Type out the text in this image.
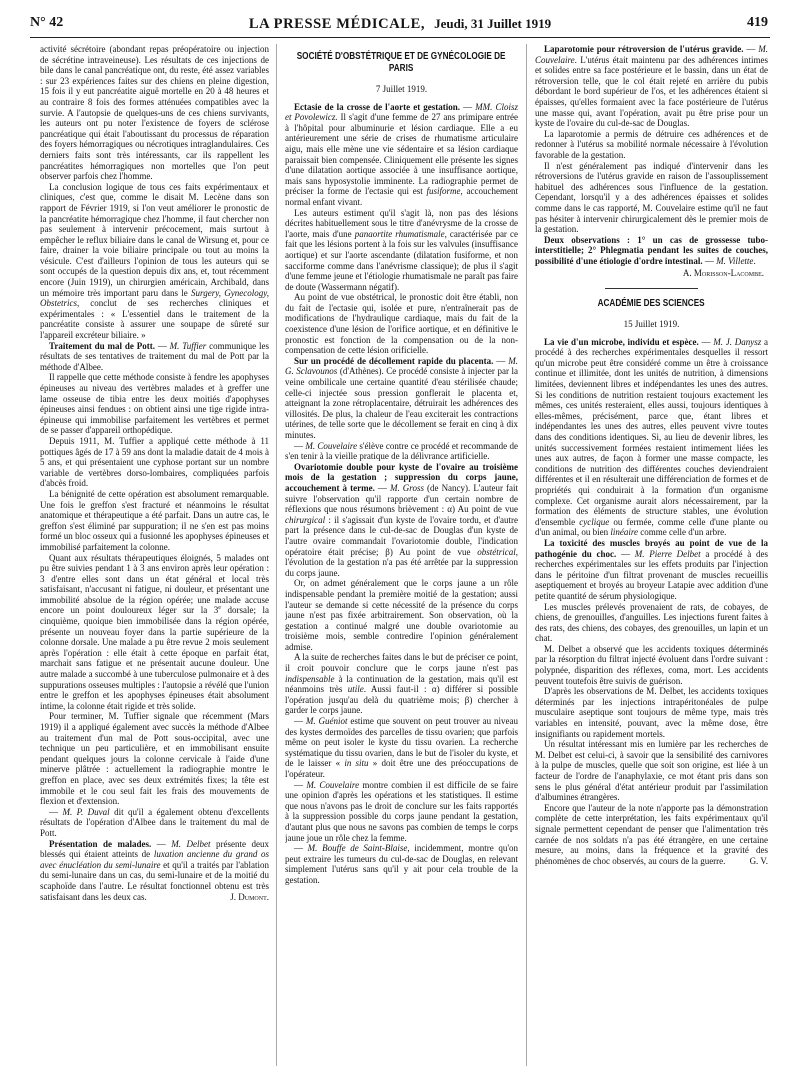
N° 42	LA PRESSE MÉDICALE, Jeudi, 31 Juillet 1919	419

activité sécrétoire (abondant repas préopératoire ou injection de sécrétine intraveineuse). Les résultats de ces injections de bile dans le canal pancréatique ont, du reste, été assez variables : sur 23 expériences faites sur des chiens en pleine digestion, 15 fois il y eut pancréatite aiguë mortelle en 20 à 48 heures et au contraire 8 fois des formes atténuées compatibles avec la survie. A l'autopsie de quelques-uns de ces chiens survivants, les auteurs ont pu noter l'existence de foyers de sclérose pancréatique qui était l'aboutissant du processus de réparation des foyers hémorragiques ou nécrotiques intraglandulaires. Ces derniers faits sont très intéressants, car ils rappellent les pancréatites hémorragiques non mortelles que l'on peut observer parfois chez l'homme.

La conclusion logique de tous ces faits expérimentaux et cliniques, c'est que, comme le disait M. Lecène dans son rapport de Février 1919, si l'on veut améliorer le pronostic de la pancréatite hémorragique chez l'homme, il faut chercher non pas seulement à intervenir précocement, mais surtout à empêcher le reflux biliaire dans le canal de Wirsung et, pour ce faire, drainer la voie biliaire principale ou tout au moins la vésicule. C'est d'ailleurs l'opinion de tous les auteurs qui se sont occupés de la question depuis dix ans, et, tout récemment encore (Juin 1919), un chirurgien américain, Archibald, dans un mémoire très important paru dans le Surgery, Gynecology, Obstetrics, conclut de ses recherches cliniques et expérimentales : « L'essentiel dans le traitement de la pancréatite consiste à assurer une soupape de sûreté sur l'appareil excréteur biliaire. »

Traitement du mal de Pott. — M. Tuffier communique les résultats de ses tentatives de traitement du mal de Pott par la méthode d'Albee.

Il rappelle que cette méthode consiste à fendre les apophyses épineuses au niveau des vertèbres malades et à greffer une lame osseuse de tibia entre les deux moitiés d'apophyses épineuses ainsi fendues : on obtient ainsi une tige rigide intra-épineuse qui immobilise parfaitement les vertèbres et permet de se passer d'appareil orthopédique.

Depuis 1911, M. Tuffier a appliqué cette méthode à 11 pottiques âgés de 17 à 59 ans dont la maladie datait de 4 mois à 5 ans, et qui présentaient une cyphose portant sur un nombre variable de vertèbres dorso-lombaires, compliquées parfois d'abcès froid.

La bénignité de cette opération est absolument remarquable. Une fois le greffon s'est fracturé et néanmoins le résultat anatomique et thérapeutique a été parfait. Dans un autre cas, le greffon s'est éliminé par suppuration; il ne s'en est pas moins formé un bloc osseux qui a fusionné les apophyses épineuses et immobilisé parfaitement la colonne.

Quant aux résultats thérapeutiques éloignés, 5 malades ont pu être suivies pendant 1 à 3 ans environ après leur opération : 3 d'entre elles sont dans un état général et local très satisfaisant, n'accusant ni fatigue, ni douleur, et présentant une immobilité absolue de la région opérée; une malade accuse encore un point douloureux léger sur la 3e dorsale; la cinquième, quoique bien immobilisée dans la région opérée, présente un nouveau foyer dans la partie supérieure de la colonne dorsale. Une malade a pu être revue 2 mois seulement après l'opération : elle était à cette époque en parfait état, marchait sans fatigue et ne présentait aucune douleur. Une autre malade a succombé à une tuberculose pulmonaire et à des suppurations osseuses multiples : l'autopsie a révélé que l'union entre le greffon et les apophyses épineuses était absolument intime, la colonne était rigide et très solide.

Pour terminer, M. Tuffier signale que récemment (Mars 1919) il a appliqué également avec succès la méthode d'Albee au traitement d'un mal de Pott sous-occipital, avec une technique un peu particulière, et en immobilisant ensuite pendant quelques jours la colonne cervicale à l'aide d'une minerve plâtrée : actuellement la radiographie montre le greffon en place, avec ses deux extrémités fixes; la tête est immobile et le cou seul fait les frais des mouvements de flexion et d'extension.

— M. P. Duval dit qu'il a également obtenu d'excellents résultats de l'opération d'Albee dans le traitement du mal de Pott.

Présentation de malades. — M. Delbet présente deux blessés qui étaient atteints de luxation ancienne du grand os avec énucléation du semi-lunaire et qu'il a traités par l'ablation du semi-lunaire dans un cas, du semi-lunaire et de la moitié du scaphoïde dans l'autre. Le résultat fonctionnel obtenu est très satisfaisant dans les deux cas.	J. Dumont.

SOCIÉTÉ D'OBSTÉTRIQUE ET DE GYNÉCOLOGIE DE PARIS
7 Juillet 1919.

Ectasie de la crosse de l'aorte et gestation. — MM. Cloisz et Povolewicz. Il s'agit d'une femme de 27 ans primipare entrée à l'hôpital pour albuminurie et lésion cardiaque. Elle a eu antérieurement une série de crises de rhumatisme articulaire aigu, mais elle mène une vie sédentaire et sa lésion cardiaque paraissait bien compensée. Cliniquement elle présente les signes d'une dilatation aortique associée à une insuffisance aortique, mais sans hyposystolie imminente. La radiographie permet de préciser la forme de l'ectasie qui est fusiforme, accouchement normal enfant vivant.

Les auteurs estiment qu'il s'agit là, non pas des lésions décrites habituellement sous le titre d'anévrysme de la crosse de l'aorte, mais d'une panaortite rhumatismale, caractérisée par ce fait que les lésions portent à la fois sur les valvules (insuffisance aortique) et sur l'aorte ascendante (dilatation fusiforme, et non sacciforme comme dans l'anévrisme classique); de plus il s'agit d'une femme jeune et l'étiologie rhumatismale ne paraît pas faire de doute (Wassermann négatif).

Au point de vue obstétrical, le pronostic doit être établi, non du fait de l'ectasie qui, isolée et pure, n'entraînerait pas de modifications de l'hydraulique cardiaque, mais du fait de la coexistence d'une lésion de l'orifice aortique, et en définitive le pronostic est fonction de la compensation ou de la non-compensation de cette lésion orificielle.

Sur un procédé de décollement rapide du placenta. — M. G. Sclavounos (d'Athènes). Ce procédé consiste à injecter par la veine ombilicale une certaine quantité d'eau stérilisée chaude; celle-ci injectée sous pression gonflerait le placenta et, atteignant la zone rétroplacentaire, détruirait les adhérences des villosités. De plus, la chaleur de l'eau exciterait les contractions utérines, de telle sorte que le décollement se ferait en cinq à dix minutes.

— M. Couvelaire s'élève contre ce procédé et recommande de s'en tenir à la vieille pratique de la délivrance artificielle.

Ovariotomie double pour kyste de l'ovaire au troisième mois de la gestation ; suppression du corps jaune, accouchement à terme. — M. Gross (de Nancy). L'auteur fait suivre l'observation qu'il rapporte d'un certain nombre de réflexions que nous résumons brièvement : α) Au point de vue chirurgical : il s'agissait d'un kyste de l'ovaire tordu, et d'autre part la présence dans le cul-de-sac de Douglas d'un kyste de l'autre ovaire commandait l'ovariotomie double, l'indication opératoire était précise; β) Au point de vue obstétrical, l'évolution de la gestation n'a pas été arrêtée par la suppression du corps jaune.

Or, on admet généralement que le corps jaune a un rôle indispensable pendant la première moitié de la gestation; aussi l'auteur se demande si cette nécessité de la présence du corps jaune n'est pas fixée arbitrairement. Son observation, où la gestation a continué malgré une double ovariotomie au troisième mois, semble contredire l'opinion généralement admise.

A la suite de recherches faites dans le but de préciser ce point, il croit pouvoir conclure que le corps jaune n'est pas indispensable à la continuation de la gestation, mais qu'il est néanmoins très utile. Aussi faut-il : α) différer si possible l'opération jusqu'au delà du quatrième mois; β) chercher à garder le corps jaune.

— M. Guéniot estime que souvent on peut trouver au niveau des kystes dermoïdes des parcelles de tissu ovarien; que parfois même on peut isoler le kyste du tissu ovarien. La recherche systématique du tissu ovarien, dans le but de l'isoler du kyste, et de le laisser « in situ » doit être une des préoccupations de l'opérateur.

— M. Couvelaire montre combien il est difficile de se faire une opinion d'après les opérations et les statistiques. Il estime que nous n'avons pas le droit de conclure sur les faits rapportés à la suppression possible du corps jaune pendant la gestation, d'autant plus que nous ne savons pas combien de temps le corps jaune joue un rôle chez la femme.

— M. Bouffe de Saint-Blaise, incidemment, montre qu'on peut extraire les tumeurs du cul-de-sac de Douglas, en relevant simplement l'utérus sans qu'il y ait pour cela trouble de la gestation.

Laparotomie pour rétroversion de l'utérus gravide. — M. Couvelaire. L'utérus était maintenu par des adhérences intimes et solides entre sa face postérieure et le bassin, dans un état de rétroversion telle, que le col était rejeté en arrière du pubis débordant le bord supérieur de l'os, et les adhérences étaient si épaisses, qu'elles formaient avec la face postérieure de l'utérus une masse qui, avant l'opération, avait pu être prise pour un kyste de l'ovaire du cul-de-sac de Douglas.

La laparotomie a permis de détruire ces adhérences et de redonner à l'utérus sa mobilité normale nécessaire à l'évolution favorable de la gestation.

Il n'est généralement pas indiqué d'intervenir dans les rétroversions de l'utérus gravide en raison de l'assouplissement habituel des adhérences sous l'influence de la gestation. Cependant, lorsqu'il y a des adhérences épaisses et solides comme dans le cas rapporté, M. Couvelaire estime qu'il ne faut pas hésiter à intervenir chirurgicalement dès le premier mois de la gestation.

Deux observations : 1° un cas de grossesse tubo-interstitielle; 2° Phlegmatia pendant les suites de couches, possibilité d'une étiologie d'ordre intestinal. — M. Villette.

A. Morisson-Lacombe.
ACADÉMIE DES SCIENCES
15 Juillet 1919.

La vie d'un microbe, individu et espèce. — M. J. Danysz a procédé à des recherches expérimentales desquelles il ressort qu'un microbe peut être considéré comme un être à croissance continue et illimitée, dont les unités de nutrition, à dimensions limitées, deviennent libres et indépendantes les unes des autres. Si les conditions de nutrition restaient toujours exactement les mêmes, ces unités resteraient, elles aussi, toujours identiques à elles-mêmes, précisément, parce que, étant libres et indépendantes les unes des autres, elles peuvent vivre toutes dans des conditions identiques. Si, au lieu de devenir libres, les unités successivement formées restaient intimement liées les unes aux autres, de façon à former une masse compacte, les conditions de nutrition des différentes couches deviendraient différentes et il en résulterait une différenciation de formes et de propriétés qui conduirait à la formation d'un organisme complexe. Cet organisme aurait alors nécessairement, par la formation des éléments de structure stables, une évolution d'ensemble cyclique ou fermée, comme celle d'une plante ou d'un animal, ou bien linéaire comme celle d'un arbre.

La toxicité des muscles broyés au point de vue de la pathogénie du choc. — M. Pierre Delbet a procédé à des recherches expérimentales sur les effets produits par l'injection dans le péritoine d'un filtrat provenant de muscles recueillis aseptiquement et broyés au broyeur Latapie avec addition d'une petite quantité de sérum physiologique.

Les muscles prélevés provenaient de rats, de cobayes, de chiens, de grenouilles, d'anguilles. Les injections furent faites à des rats, des chiens, des cobayes, des grenouilles, un lapin et un chat.

M. Delbet a observé que les accidents toxiques déterminés par la résorption du filtrat injecté évoluent dans l'ordre suivant : polypnée, disparition des réflexes, coma, mort. Les accidents peuvent toutefois être suivis de guérison.

D'après les observations de M. Delbet, les accidents toxiques déterminés par les injections intrapéritonéales de pulpe musculaire aseptique sont toujours de même type, mais très variables en intensité, pouvant, avec la même dose, être insignifiants ou rapidement mortels.

Un résultat intéressant mis en lumière par les recherches de M. Delbet est celui-ci, à savoir que la sensibilité des carnivores à la pulpe de muscles, quelle que soit son origine, est liée à un facteur de l'ordre de l'anaphylaxie, ce mot étant pris dans son sens le plus général d'état antérieur produit par l'assimilation d'albumines étrangères.

Encore que l'auteur de la note n'apporte pas la démonstration complète de cette interprétation, les faits expérimentaux qu'il signale permettent cependant de penser que l'alimentation très carnée de nos soldats n'a pas été étrangère, en une certaine mesure, au moins, dans la fréquence et la gravité des phénomènes de choc observés, au cours de la guerre.	G. V.
